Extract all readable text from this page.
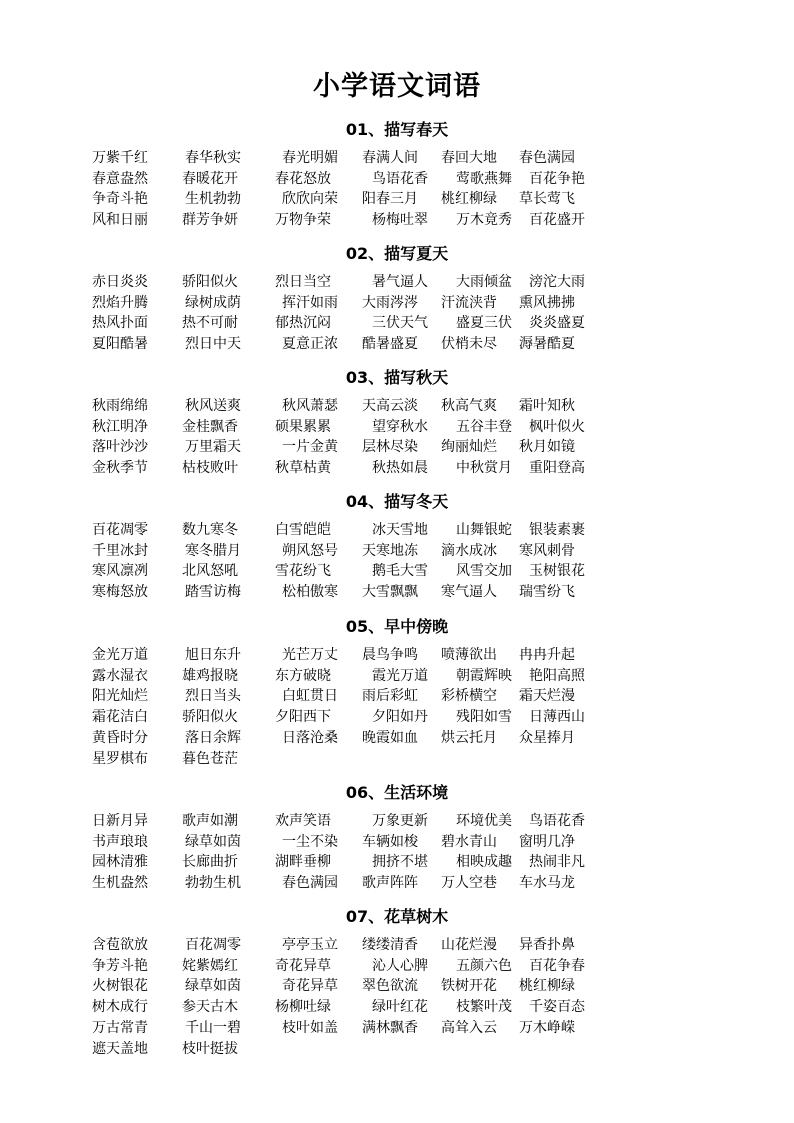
小学语文词语
01、描写春天
万紫千红	春华秋实	春光明媚 春满人间 春回大地 春色满园
春意盎然 春暖花开	春花怒放	鸟语花香 莺歌燕舞 百花争艳
争奇斗艳	生机勃勃	欣欣向荣 阳春三月 桃红柳绿 草长莺飞
风和日丽 群芳争妍	万物争荣	杨梅吐翠 万木竟秀 百花盛开
02、描写夏天
赤日炎炎 骄阳似火	烈日当空	暑气逼人 大雨倾盆 滂沱大雨
烈焰升腾	绿树成荫	挥汗如雨 大雨涔涔 汗流浃背 熏风拂拂
热风扑面 热不可耐	郁热沉闷	三伏天气 盛夏三伏 炎炎盛夏
夏阳酷暑	烈日中天	夏意正浓 酷暑盛夏 伏梢未尽 溽暑酷夏
03、描写秋天
秋雨绵绵	秋风送爽	秋风萧瑟 天高云淡 秋高气爽 霜叶知秋
秋江明净 金桂飘香	硕果累累	望穿秋水 五谷丰登 枫叶似火
落叶沙沙	万里霜天	一片金黄 层林尽染 绚丽灿烂 秋月如镜
金秋季节 枯枝败叶	秋草枯黄	秋热如晨 中秋赏月 重阳登高
04、描写冬天
百花凋零 数九寒冬	白雪皑皑	冰天雪地 山舞银蛇 银装素裹
千里冰封	寒冬腊月	朔风怒号 天寒地冻 滴水成冰 寒风刺骨
寒风凛冽 北风怒吼	雪花纷飞	鹅毛大雪 风雪交加 玉树银花
寒梅怒放	踏雪访梅	松柏傲寒 大雪飘飘 寒气逼人 瑞雪纷飞
05、早中傍晚
金光万道	旭日东升	光芒万丈 晨鸟争鸣 喷薄欲出 冉冉升起
露水湿衣 雄鸡报晓	东方破晓	霞光万道 朝霞辉映 艳阳高照
阳光灿烂	烈日当头	白虹贯日 雨后彩虹 彩桥横空 霜天烂漫
霜花洁白 骄阳似火	夕阳西下	夕阳如丹 残阳如雪 日薄西山
黄昏时分	落日余辉	日落沧桑 晚霞如血 烘云托月 众星捧月
星罗棋布 暮色苍茫
06、生活环境
日新月异 歌声如潮	欢声笑语	万象更新 环境优美 鸟语花香
书声琅琅	绿草如茵	一尘不染 车辆如梭 碧水青山 窗明几净
园林清雅 长廊曲折	湖畔垂柳	拥挤不堪 相映成趣 热闹非凡
生机盎然	勃勃生机	春色满园 歌声阵阵 万人空巷 车水马龙
07、花草树木
含苞欲放	百花凋零	亭亭玉立 缕缕清香 山花烂漫 异香扑鼻
争芳斗艳 姹紫嫣红	奇花异草	沁人心脾 五颜六色 百花争春
火树银花	绿草如茵	奇花异草 翠色欲流 铁树开花 桃红柳绿
树木成行 参天古木	杨柳吐绿	绿叶红花 枝繁叶茂 千姿百态
万古常青	千山一碧	枝叶如盖 满林飘香 高耸入云 万木峥嵘
遮天盖地 枝叶挺拔
